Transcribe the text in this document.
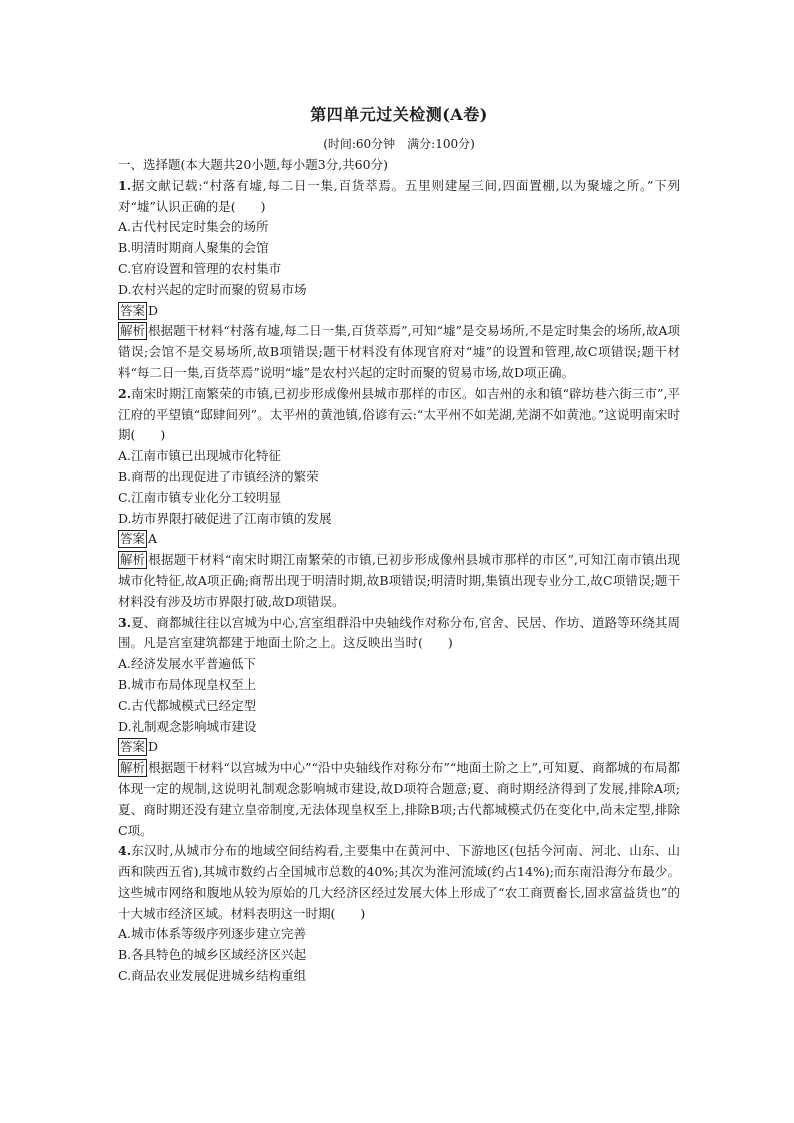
第四单元过关检测(A卷)
(时间:60分钟　满分:100分)
一、选择题(本大题共20小题,每小题3分,共60分)
1.据文献记载:“村落有墟,每二日一集,百货萃焉。五里则建屋三间,四面置棚,以为聚墟之所。”下列对“墟”认识正确的是(　　)
A.古代村民定时集会的场所
B.明清时期商人聚集的会馆
C.官府设置和管理的农村集市
D.农村兴起的定时而聚的贸易市场
答案 D
解析 根据题干材料“村落有墟,每二日一集,百货萃焉”,可知“墟”是交易场所,不是定时集会的场所,故A项错误;会馆不是交易场所,故B项错误;题干材料没有体现官府对“墟”的设置和管理,故C项错误;题干材料“每二日一集,百货萃焉”说明“墟”是农村兴起的定时而聚的贸易市场,故D项正确。
2.南宋时期江南繁荣的市镇,已初步形成像州县城市那样的市区。如吉州的永和镇“辟坊巷六街三市”,平江府的平望镇“邸肆间列”。太平州的黄池镇,俗谚有云:“太平州不如芜湖,芜湖不如黄池。”这说明南宋时期(　　)
A.江南市镇已出现城市化特征
B.商帮的出现促进了市镇经济的繁荣
C.江南市镇专业化分工较明显
D.坊市界限打破促进了江南市镇的发展
答案 A
解析 根据题干材料“南宋时期江南繁荣的市镇,已初步形成像州县城市那样的市区”,可知江南市镇出现城市化特征,故A项正确;商帮出现于明清时期,故B项错误;明清时期,集镇出现专业分工,故C项错误;题干材料没有涉及坊市界限打破,故D项错误。
3.夏、商都城往往以宫城为中心,宫室组群沿中央轴线作对称分布,官舍、民居、作坊、道路等环绕其周围。凡是宫室建筑都建于地面土阶之上。这反映出当时(　　)
A.经济发展水平普遍低下
B.城市布局体现皇权至上
C.古代都城模式已经定型
D.礼制观念影响城市建设
答案 D
解析 根据题干材料“以宫城为中心”“沿中央轴线作对称分布”“地面土阶之上”,可知夏、商都城的布局都体现一定的规制,这说明礼制观念影响城市建设,故D项符合题意;夏、商时期经济得到了发展,排除A项;夏、商时期还没有建立皇帝制度,无法体现皇权至上,排除B项;古代都城模式仍在变化中,尚未定型,排除C项。
4.东汉时,从城市分布的地域空间结构看,主要集中在黄河中、下游地区(包括今河南、河北、山东、山西和陕西五省),其城市数约占全国城市总数的40%;其次为淮河流域(约占14%);而东南沿海分布最少。这些城市网络和腹地从较为原始的几大经济区经过发展大体上形成了“农工商贾畜长,固求富益货也”的十大城市经济区域。材料表明这一时期(　　)
A.城市体系等级序列逐步建立完善
B.各具特色的城乡区域经济区兴起
C.商品农业发展促进城乡结构重组
